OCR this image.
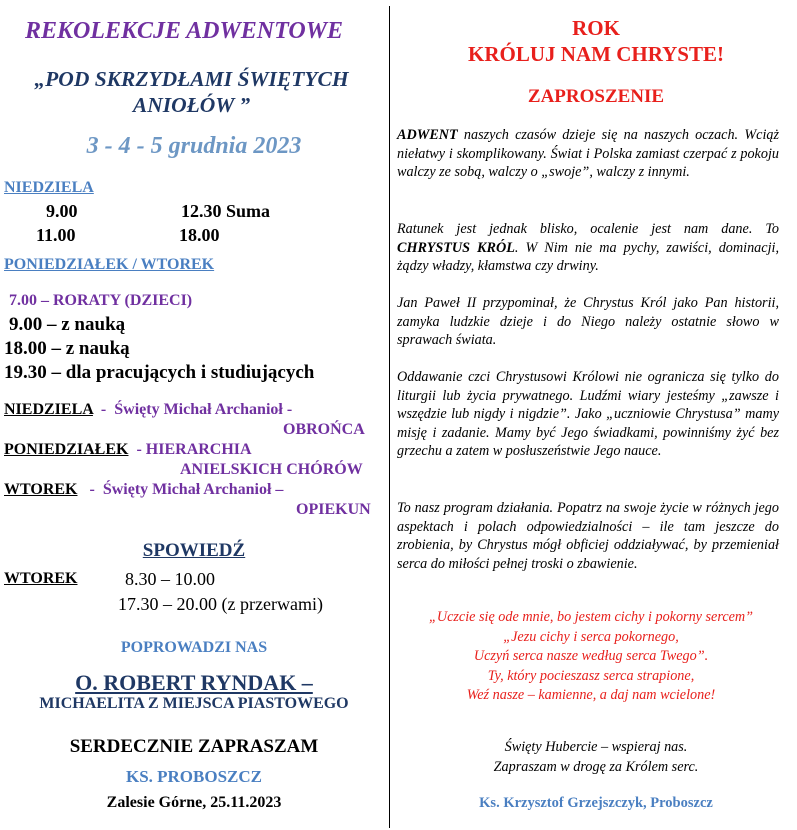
REKOLEKCJE ADWENTOWE
„POD SKRZYDŁAMI ŚWIĘTYCH
ANIOŁÓW ”
3 - 4 - 5 grudnia 2023
NIEDZIELA
9.00	12.30 Suma
11.00	18.00
PONIEDZIAŁEK / WTOREK
7.00 – RORATY (DZIECI)
9.00 – z nauką
18.00 – z nauką
19.30 – dla pracujących i studiujących
NIEDZIELA  -  Święty Michał Archanioł -
OBROŃCA
PONIEDZIAŁEK  - HIERARCHIA
ANIELSKICH CHÓRÓW
WTOREK   -  Święty Michał Archanioł –
OPIEKUN
SPOWIEDŹ
WTOREK	8.30 – 10.00
17.30 – 20.00 (z przerwami)
POPROWADZI NAS
O. ROBERT RYNDAK –
MICHAELITA Z MIEJSCA PIASTOWEGO
SERDECZNIE ZAPRASZAM
KS. PROBOSZCZ
Zalesie Górne, 25.11.2023
ROK
KRÓLUJ NAM CHRYSTE!
ZAPROSZENIE

ADWENT naszych czasów dzieje się na naszych oczach. Wciąż niełatwy i skomplikowany. Świat i Polska zamiast czerpać z pokoju walczy ze sobą, walczy o „swoje”, walczy z innymi.

Ratunek jest jednak blisko, ocalenie jest nam dane. To CHRYSTUS KRÓL. W Nim nie ma pychy, zawiści, dominacji, żądzy władzy, kłamstwa czy drwiny.

Jan Paweł II przypominał, że Chrystus Król jako Pan historii, zamyka ludzkie dzieje i do Niego należy ostatnie słowo w sprawach świata.

Oddawanie czci Chrystusowi Królowi nie ogranicza się tylko do liturgii lub życia prywatnego. Ludźmi wiary jesteśmy „zawsze i wszędzie lub nigdy i nigdzie”. Jako „uczniowie Chrystusa” mamy misję i zadanie. Mamy być Jego świadkami, powinniśmy żyć bez grzechu a zatem w posłuszeństwie Jego nauce.

To nasz program działania. Popatrz na swoje życie w różnych jego aspektach i polach odpowiedzialności – ile tam jeszcze do zrobienia, by Chrystus mógł obficiej oddziaływać, by przemieniał serca do miłości pełnej troski o zbawienie.

„Uczcie się ode mnie, bo jestem cichy i pokorny sercem”
„Jezu cichy i serca pokornego,
Uczyń serca nasze według serca Twego”.
Ty, który pocieszasz serca strapione,
Weź nasze – kamienne, a daj nam wcielone!
Święty Hubercie – wspieraj nas.
Zapraszam w drogę za Królem serc.
Ks. Krzysztof Grzejszczyk, Proboszcz
